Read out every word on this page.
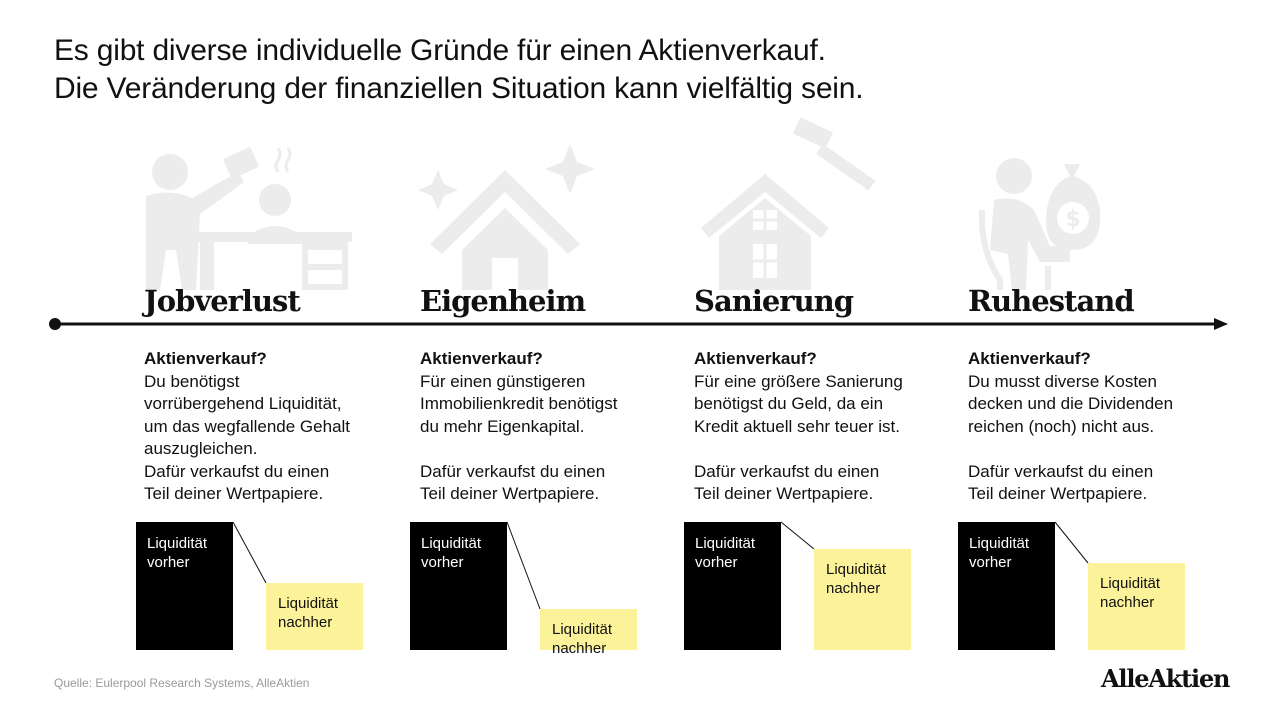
Es gibt diverse individuelle Gründe für einen Aktienverkauf.
Die Veränderung der finanziellen Situation kann vielfältig sein.
$
Jobverlust	Eigenheim	Sanierung	Ruhestand
Aktienverkauf?
Du benötigst
vorrübergehend Liquidität,
um das wegfallende Gehalt
auszugleichen.
Dafür verkaufst du einen
Teil deiner Wertpapiere.
Aktienverkauf?
Für einen günstigeren
Immobilienkredit benötigst
du mehr Eigenkapital.
Dafür verkaufst du einen
Teil deiner Wertpapiere.
Aktienverkauf?
Für eine größere Sanierung
benötigst du Geld, da ein
Kredit aktuell sehr teuer ist.
Dafür verkaufst du einen
Teil deiner Wertpapiere.
Aktienverkauf?
Du musst diverse Kosten
decken und die Dividenden
reichen (noch) nicht aus.
Dafür verkaufst du einen
Teil deiner Wertpapiere.
Liquidität
vorher
Liquidität
nachher
Liquidität
vorher
Liquidität
nachher
Liquidität
vorher	Liquidität
nachher
Liquidität
vorher
Liquidität
nachher
Quelle: Eulerpool Research Systems, AlleAktien	AlleAktien
